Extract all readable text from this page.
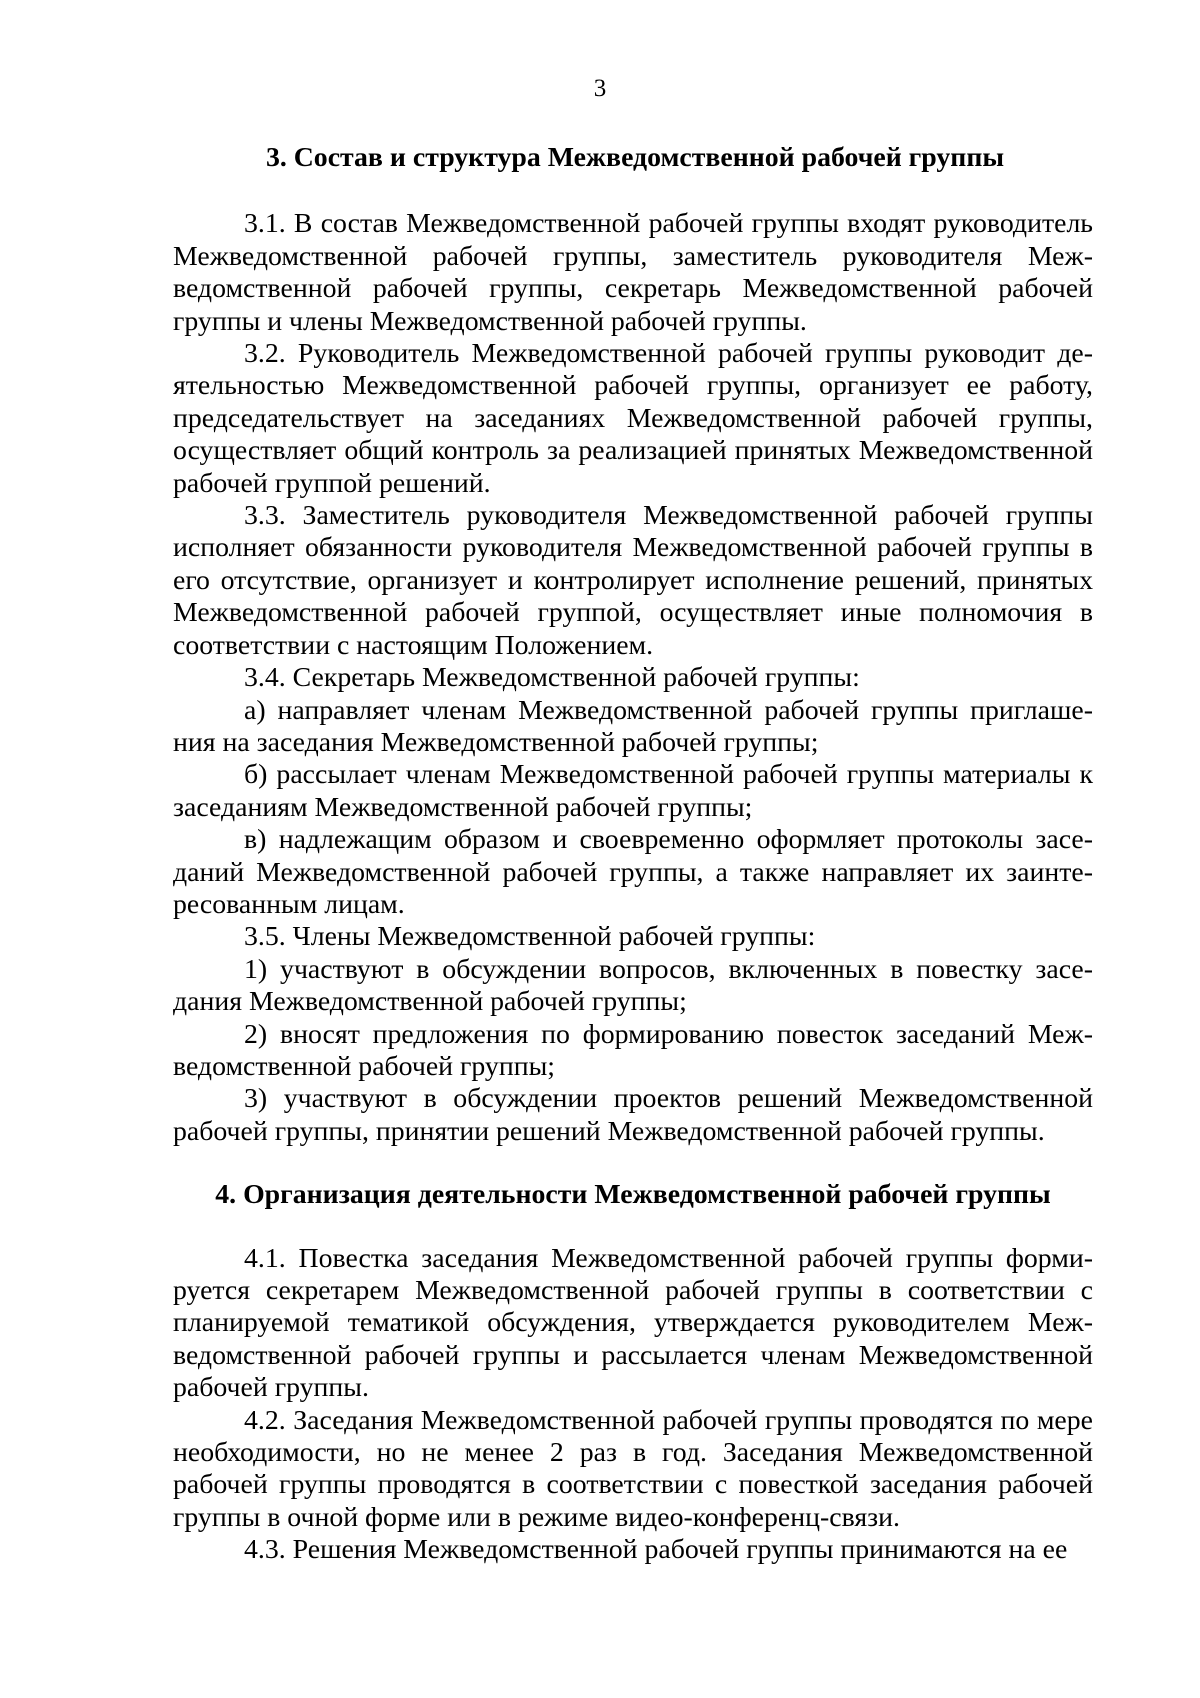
3
3. Состав и структура Межведомственной рабочей группы

3.1. В состав Межведомственной рабочей группы входят руководитель Межведомственной рабочей группы, заместитель руководителя Межведомственной рабочей группы, секретарь Межведомственной рабочей группы и члены Межведомственной рабочей группы.

3.2. Руководитель Межведомственной рабочей группы руководит деятельностью Межведомственной рабочей группы, организует ее работу, председательствует на заседаниях Межведомственной рабочей группы, осуществляет общий контроль за реализацией принятых Межведомственной рабочей группой решений.

3.3. Заместитель руководителя Межведомственной рабочей группы исполняет обязанности руководителя Межведомственной рабочей группы в его отсутствие, организует и контролирует исполнение решений, принятых Межведомственной рабочей группой, осуществляет иные полномочия в соответствии с настоящим Положением.

3.4. Секретарь Межведомственной рабочей группы:

а) направляет членам Межведомственной рабочей группы приглашения на заседания Межведомственной рабочей группы;

б) рассылает членам Межведомственной рабочей группы материалы к заседаниям Межведомственной рабочей группы;

в) надлежащим образом и своевременно оформляет протоколы заседаний Межведомственной рабочей группы, а также направляет их заинтересованным лицам.

3.5. Члены Межведомственной рабочей группы:

1) участвуют в обсуждении вопросов, включенных в повестку заседания Межведомственной рабочей группы;

2) вносят предложения по формированию повесток заседаний Межведомственной рабочей группы;

3) участвуют в обсуждении проектов решений Межведомственной рабочей группы, принятии решений Межведомственной рабочей группы.

4. Организация деятельности Межведомственной рабочей группы

4.1. Повестка заседания Межведомственной рабочей группы формируется секретарем Межведомственной рабочей группы в соответствии с планируемой тематикой обсуждения, утверждается руководителем Межведомственной рабочей группы и рассылается членам Межведомственной рабочей группы.

4.2. Заседания Межведомственной рабочей группы проводятся по мере необходимости, но не менее 2 раз в год. Заседания Межведомственной рабочей группы проводятся в соответствии с повесткой заседания рабочей группы в очной форме или в режиме видео-конференц-связи.

4.3. Решения Межведомственной рабочей группы принимаются на ее
